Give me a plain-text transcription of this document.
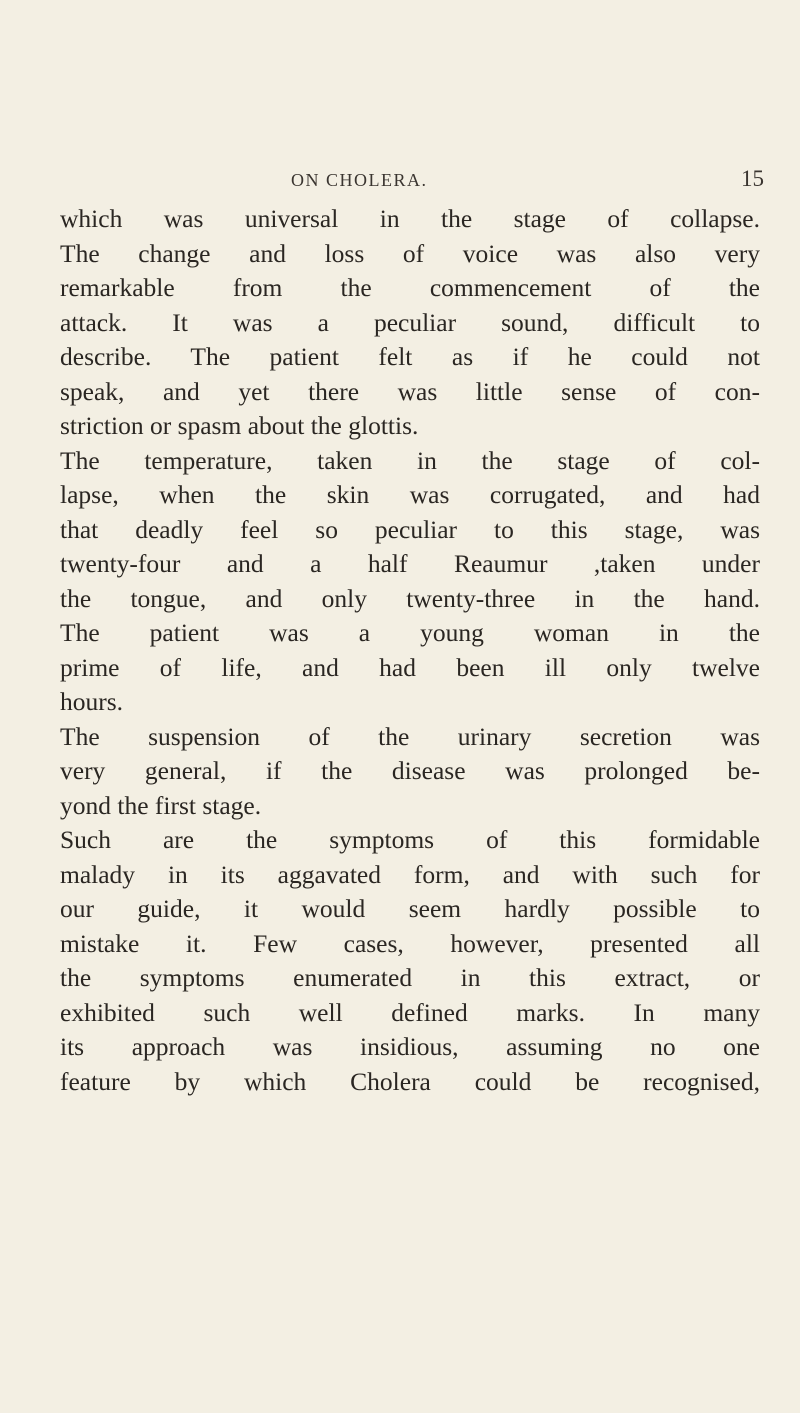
ON CHOLERA.	15
which was universal in the stage of collapse.
The change and loss of voice was also very
remarkable from the commencement of the
attack. It was a peculiar sound, difficult to
describe. The patient felt as if he could not
speak, and yet there was little sense of con-
striction or spasm about the glottis.
The temperature, taken in the stage of col-
lapse, when the skin was corrugated, and had
that deadly feel so peculiar to this stage, was
twenty-four and a half Reaumur ,taken under
the tongue, and only twenty-three in the hand.
The patient was a young woman in the
prime of life, and had been ill only twelve
hours.
The suspension of the urinary secretion was
very general, if the disease was prolonged be-
yond the first stage.
Such are the symptoms of this formidable
malady in its aggavated form, and with such for
our guide, it would seem hardly possible to
mistake it. Few cases, however, presented all
the symptoms enumerated in this extract, or
exhibited such well defined marks. In many
its approach was insidious, assuming no one
feature by which Cholera could be recognised,
